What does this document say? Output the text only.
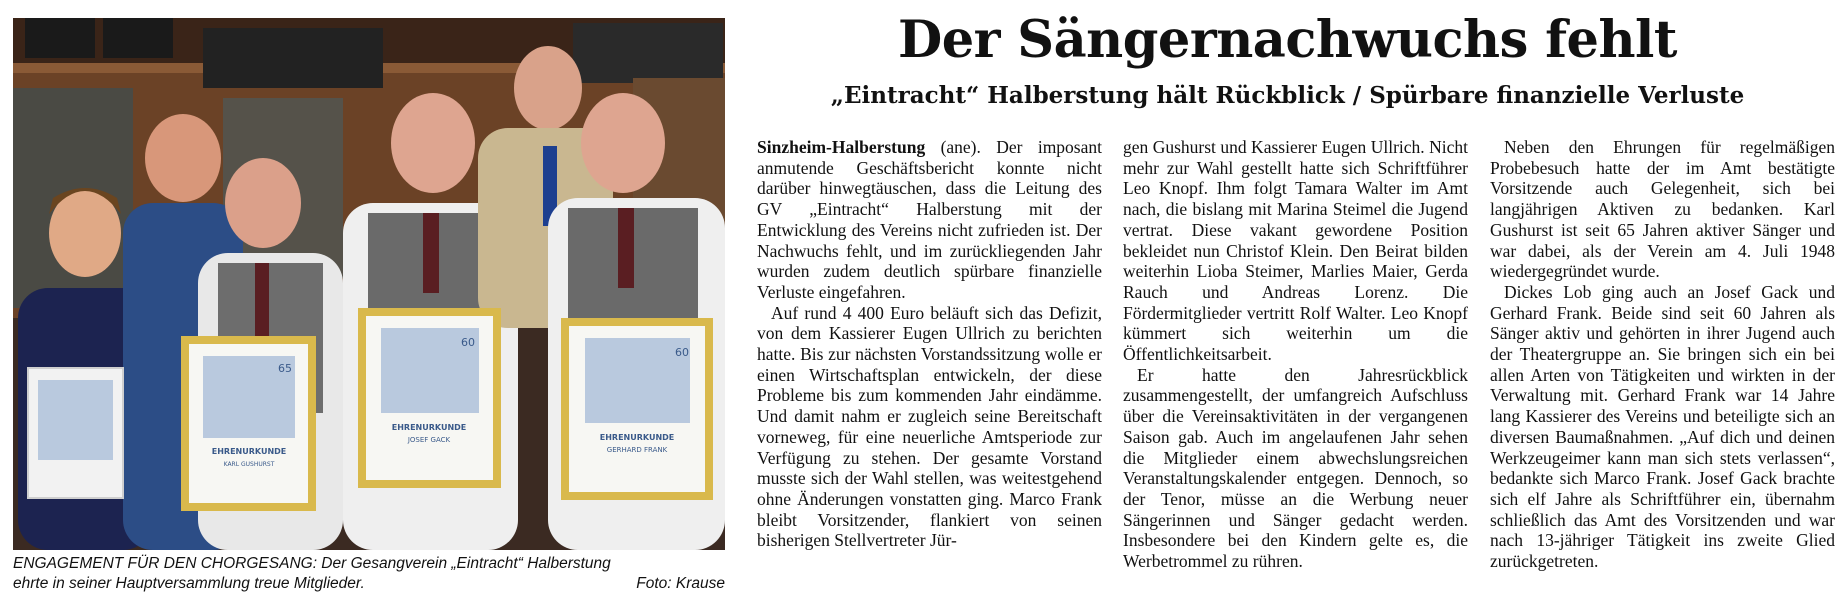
65
EHRENURKUNDE
KARL GUSHURST
60
EHRENURKUNDE
JOSEF GACK
60
EHRENURKUNDE
GERHARD FRANK
ENGAGEMENT FÜR DEN CHORGESANG: Der Gesangverein „Eintracht“ Halberstung
ehrte in seiner Hauptversammlung treue Mitglieder.	Foto: Krause
Der Sängernachwuchs fehlt
„Eintracht“ Halberstung hält Rückblick / Spürbare finanzielle Verluste

Sinzheim-Halberstung (ane). Der imposant anmutende Geschäftsbericht konnte nicht darüber hinwegtäuschen, dass die Leitung des GV „Eintracht“ Halberstung mit der Entwicklung des Vereins nicht zufrieden ist. Der Nachwuchs fehlt, und im zurückliegenden Jahr wurden zudem deutlich spürbare finanzielle Verluste eingefahren.

Auf rund 4 400 Euro beläuft sich das Defizit, von dem Kassierer Eugen Ullrich zu berichten hatte. Bis zur nächsten Vorstandssitzung wolle er einen Wirtschaftsplan entwickeln, der diese Probleme bis zum kommenden Jahr eindämme. Und damit nahm er zugleich seine Bereitschaft vorneweg, für eine neuerliche Amtsperiode zur Verfügung zu stehen. Der gesamte Vorstand musste sich der Wahl stellen, was weitestgehend ohne Änderungen vonstatten ging. Marco Frank bleibt Vorsitzender, flankiert von seinen bisherigen Stellvertreter Jür-

gen Gushurst und Kassierer Eugen Ullrich. Nicht mehr zur Wahl gestellt hatte sich Schriftführer Leo Knopf. Ihm folgt Tamara Walter im Amt nach, die bislang mit Marina Steimel die Jugend vertrat. Diese vakant gewordene Position bekleidet nun Christof Klein. Den Beirat bilden weiterhin Lioba Steimer, Marlies Maier, Gerda Rauch und Andreas Lorenz. Die Fördermitglieder vertritt Rolf Walter. Leo Knopf kümmert sich weiterhin um die Öffentlichkeitsarbeit.

Er hatte den Jahresrückblick zusammengestellt, der umfangreich Aufschluss über die Vereinsaktivitäten in der vergangenen Saison gab. Auch im angelaufenen Jahr sehen die Mitglieder einem abwechslungsreichen Veranstaltungskalender entgegen. Dennoch, so der Tenor, müsse an die Werbung neuer Sängerinnen und Sänger gedacht werden. Insbesondere bei den Kindern gelte es, die Werbetrommel zu rühren.

Neben den Ehrungen für regelmäßigen Probebesuch hatte der im Amt bestätigte Vorsitzende auch Gelegenheit, sich bei langjährigen Aktiven zu bedanken. Karl Gushurst ist seit 65 Jahren aktiver Sänger und war dabei, als der Verein am 4. Juli 1948 wiedergegründet wurde.

Dickes Lob ging auch an Josef Gack und Gerhard Frank. Beide sind seit 60 Jahren als Sänger aktiv und gehörten in ihrer Jugend auch der Theatergruppe an. Sie bringen sich ein bei allen Arten von Tätigkeiten und wirkten in der Verwaltung mit. Gerhard Frank war 14 Jahre lang Kassierer des Vereins und beteiligte sich an diversen Baumaßnahmen. „Auf dich und deinen Werkzeugeimer kann man sich stets verlassen“, bedankte sich Marco Frank. Josef Gack brachte sich elf Jahre als Schriftführer ein, übernahm schließlich das Amt des Vorsitzenden und war nach 13-jähriger Tätigkeit ins zweite Glied zurückgetreten.
